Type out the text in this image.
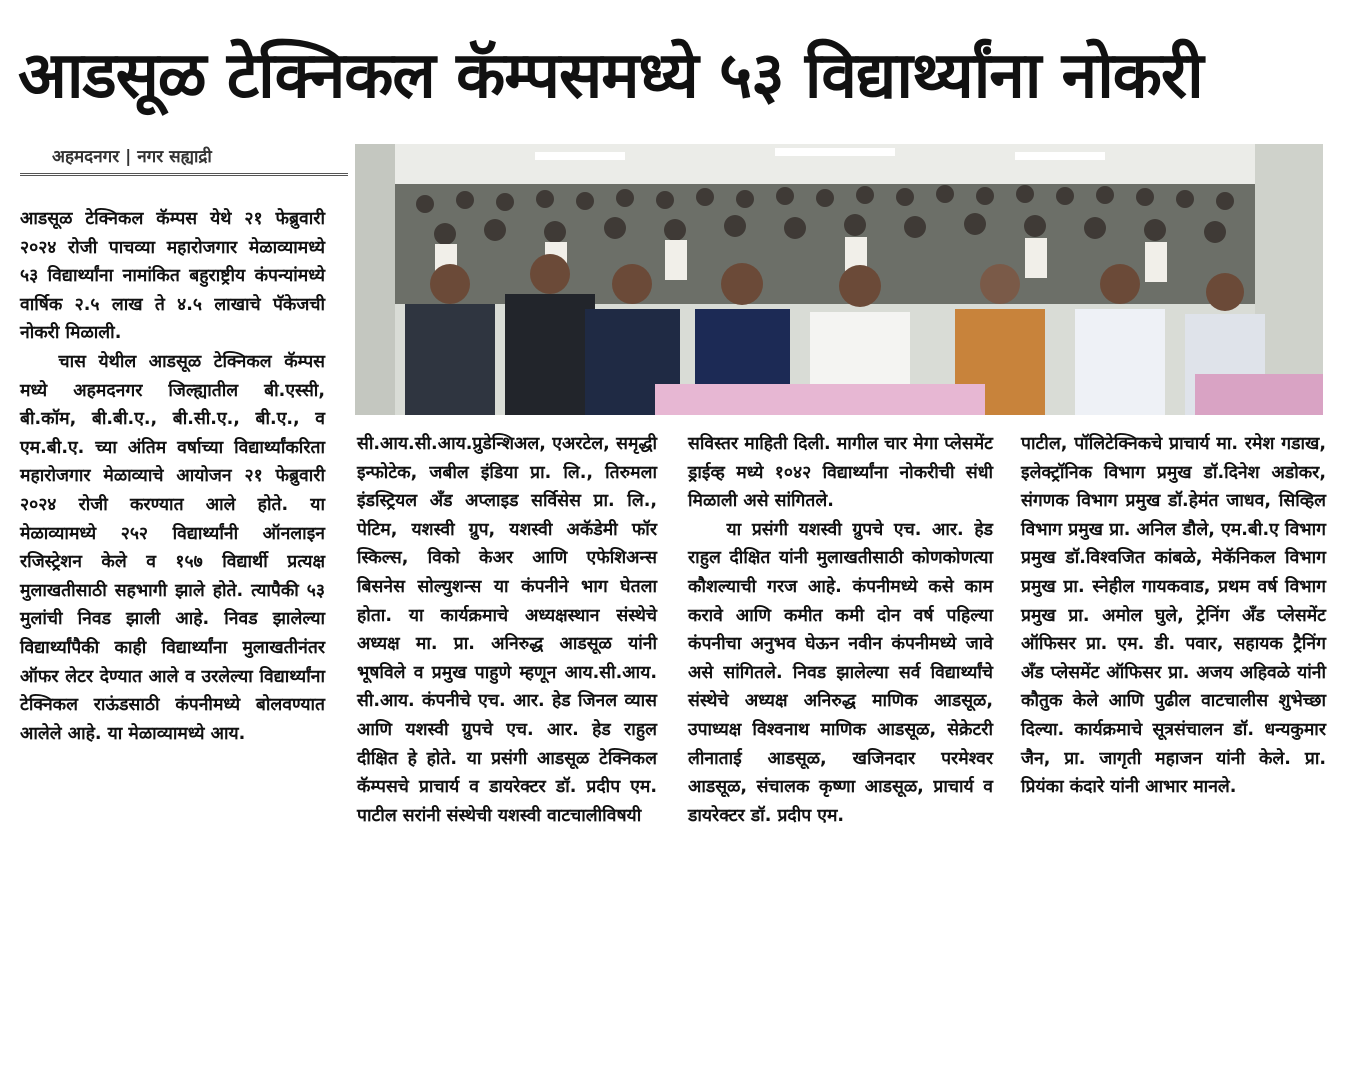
आडसूळ टेक्निकल कॅम्पसमध्ये ५३ विद्यार्थ्यांना नोकरी
अहमदनगर | नगर सह्याद्री

आडसूळ टेक्निकल कॅम्पस येथे २१ फेब्रुवारी २०२४ रोजी पाचव्या महारोजगार मेळाव्यामध्ये ५३ विद्यार्थ्यांना नामांकित बहुराष्ट्रीय कंपन्यांमध्ये वार्षिक २.५ लाख ते ४.५ लाखाचे पॅकेजची नोकरी मिळाली.

चास येथील आडसूळ टेक्निकल कॅम्पस मध्ये अहमदनगर जिल्ह्यातील बी.एस्सी, बी.कॉम, बी.बी.ए., बी.सी.ए., बी.ए., व एम.बी.ए. च्या अंतिम वर्षाच्या विद्यार्थ्यांकरिता महारोजगार मेळाव्याचे आयोजन २१ फेब्रुवारी २०२४ रोजी करण्यात आले होते. या मेळाव्यामध्ये २५२ विद्यार्थ्यांनी ऑनलाइन रजिस्ट्रेशन केले व १५७ विद्यार्थी प्रत्यक्ष मुलाखतीसाठी सहभागी झाले होते. त्यापैकी ५३ मुलांची निवड झाली आहे. निवड झालेल्या विद्यार्थ्यांपैकी काही विद्यार्थ्यांना मुलाखतीनंतर ऑफर लेटर देण्यात आले व उरलेल्या विद्यार्थ्यांना टेक्निकल राऊंडसाठी कंपनीमध्ये बोलवण्यात आलेले आहे. या मेळाव्यामध्ये आय.

सी.आय.सी.आय.प्रुडेन्शिअल, एअरटेल, समृद्धी इन्फोटेक, जबील इंडिया प्रा. लि., तिरुमला इंडस्ट्रियल अँड अप्लाइड सर्विसेस प्रा. लि., पेटिम, यशस्वी ग्रुप, यशस्वी अकॅडेमी फॉर स्किल्स, विको केअर आणि एफेशिअन्स बिसनेस सोल्युशन्स या कंपनीने भाग घेतला होता. या कार्यक्रमाचे अध्यक्षस्थान संस्थेचे अध्यक्ष मा. प्रा. अनिरुद्ध आडसूळ यांनी भूषविले व प्रमुख पाहुणे म्हणून आय.सी.आय. सी.आय. कंपनीचे एच. आर. हेड जिनल व्यास आणि यशस्वी ग्रुपचे एच. आर. हेड राहुल दीक्षित हे होते. या प्रसंगी आडसूळ टेक्निकल कॅम्पसचे प्राचार्य व डायरेक्टर डॉ. प्रदीप एम. पाटील सरांनी संस्थेची यशस्वी वाटचालीविषयी

सविस्तर माहिती दिली. मागील चार मेगा प्लेसमेंट ड्राईव्ह मध्ये १०४२ विद्यार्थ्यांना नोकरीची संधी मिळाली असे सांगितले.

या प्रसंगी यशस्वी ग्रुपचे एच. आर. हेड राहुल दीक्षित यांनी मुलाखतीसाठी कोणकोणत्या कौशल्याची गरज आहे. कंपनीमध्ये कसे काम करावे आणि कमीत कमी दोन वर्ष पहिल्या कंपनीचा अनुभव घेऊन नवीन कंपनीमध्ये जावे असे सांगितले. निवड झालेल्या सर्व विद्यार्थ्यांचे संस्थेचे अध्यक्ष अनिरुद्ध माणिक आडसूळ, उपाध्यक्ष विश्वनाथ माणिक आडसूळ, सेक्रेटरी लीनाताई आडसूळ, खजिनदार परमेश्वर आडसूळ, संचालक कृष्णा आडसूळ, प्राचार्य व डायरेक्टर डॉ. प्रदीप एम.

पाटील, पॉलिटेक्निकचे प्राचार्य मा. रमेश गडाख, इलेक्ट्रॉनिक विभाग प्रमुख डॉ.दिनेश अडोकर, संगणक विभाग प्रमुख डॉ.हेमंत जाधव, सिव्हिल विभाग प्रमुख प्रा. अनिल डौले, एम.बी.ए विभाग प्रमुख डॉ.विश्वजित कांबळे, मेकॅनिकल विभाग प्रमुख प्रा. स्नेहील गायकवाड, प्रथम वर्ष विभाग प्रमुख प्रा. अमोल घुले, ट्रेनिंग अँड प्लेसमेंट ऑफिसर प्रा. एम. डी. पवार, सहायक ट्रैनिंग अँड प्लेसमेंट ऑफिसर प्रा. अजय अहिवळे यांनी कौतुक केले आणि पुढील वाटचालीस शुभेच्छा दिल्या. कार्यक्रमाचे सूत्रसंचालन डॉ. धन्यकुमार जैन, प्रा. जागृती महाजन यांनी केले. प्रा. प्रियंका कंदारे यांनी आभार मानले.
